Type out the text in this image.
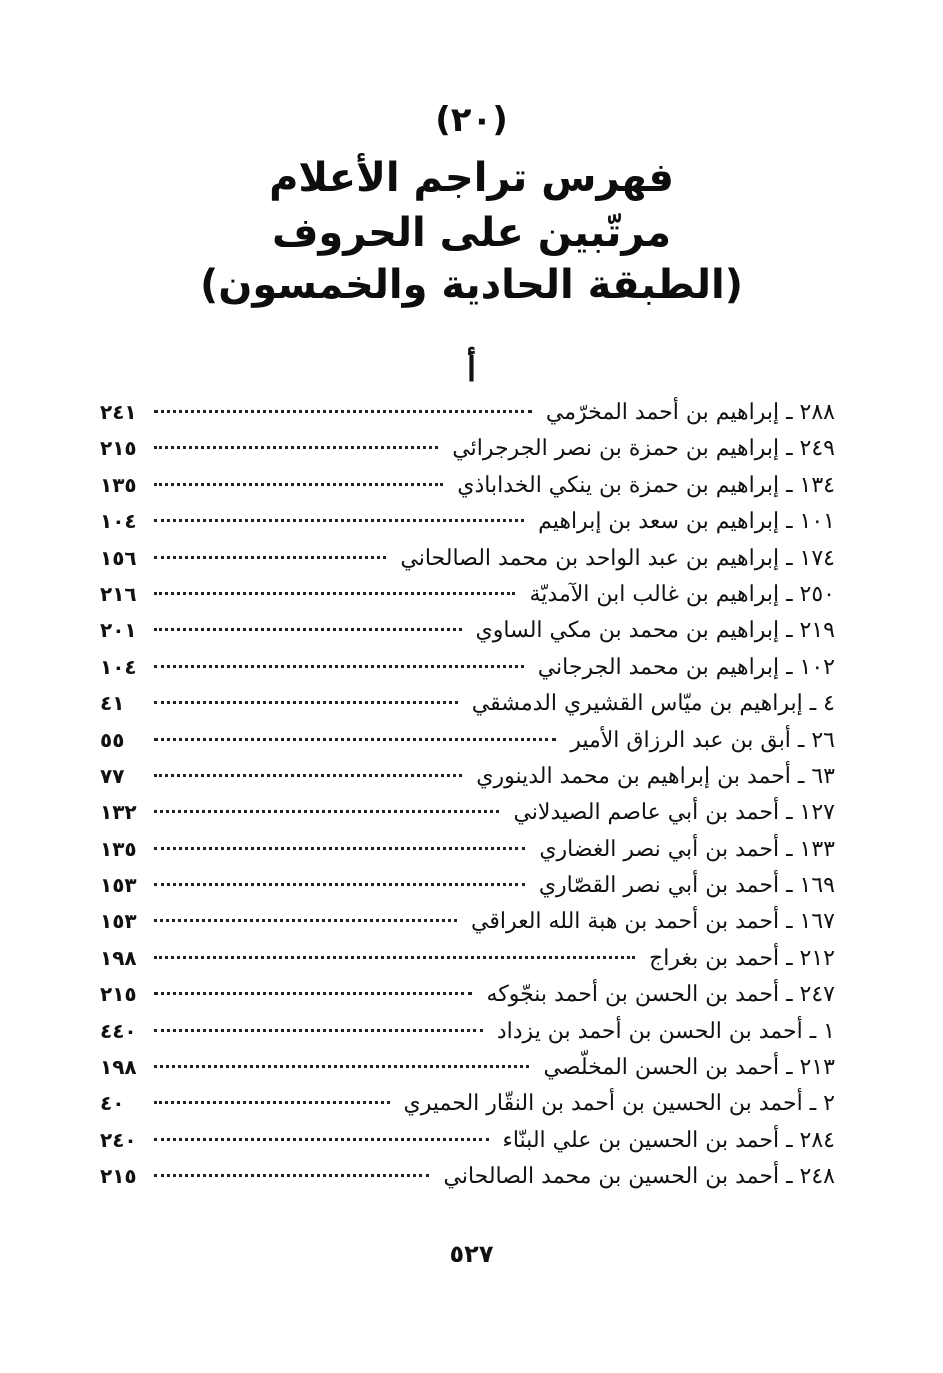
(٢٠)
فهرس تراجم الأعلام
مرتّبين على الحروف
(الطبقة الحادية والخمسون)
أ
٢٨٨ ـ إبراهيم بن أحمد المخرّمي
٢٤١
٢٤٩ ـ إبراهيم بن حمزة بن نصر الجرجرائي
٢١٥
١٣٤ ـ إبراهيم بن حمزة بن ينكي الخداباذي
١٣٥
١٠١ ـ إبراهيم بن سعد بن إبراهيم
١٠٤
١٧٤ ـ إبراهيم بن عبد الواحد بن محمد الصالحاني
١٥٦
٢٥٠ ـ إبراهيم بن غالب ابن الآمديّة
٢١٦
٢١٩ ـ إبراهيم بن محمد بن مكي الساوي
٢٠١
١٠٢ ـ إبراهيم بن محمد الجرجاني
١٠٤
٤ ـ إبراهيم بن ميّاس القشيري الدمشقي
٤١
٢٦ ـ أبق بن عبد الرزاق الأمير
٥٥
٦٣ ـ أحمد بن إبراهيم بن محمد الدينوري
٧٧
١٢٧ ـ أحمد بن أبي عاصم الصيدلاني
١٣٢
١٣٣ ـ أحمد بن أبي نصر الغضاري
١٣٥
١٦٩ ـ أحمد بن أبي نصر القصّاري
١٥٣
١٦٧ ـ أحمد بن أحمد بن هبة الله العراقي
١٥٣
٢١٢ ـ أحمد بن بغراج
١٩٨
٢٤٧ ـ أحمد بن الحسن بن أحمد بنجّوكه
٢١٥
١ ـ أحمد بن الحسن بن أحمد بن يزداد
٤٤٠
٢١٣ ـ أحمد بن الحسن المخلّصي
١٩٨
٢ ـ أحمد بن الحسين بن أحمد بن النقّار الحميري
٤٠
٢٨٤ ـ أحمد بن الحسين بن علي البنّاء
٢٤٠
٢٤٨ ـ أحمد بن الحسين بن محمد الصالحاني
٢١٥
٥٢٧
